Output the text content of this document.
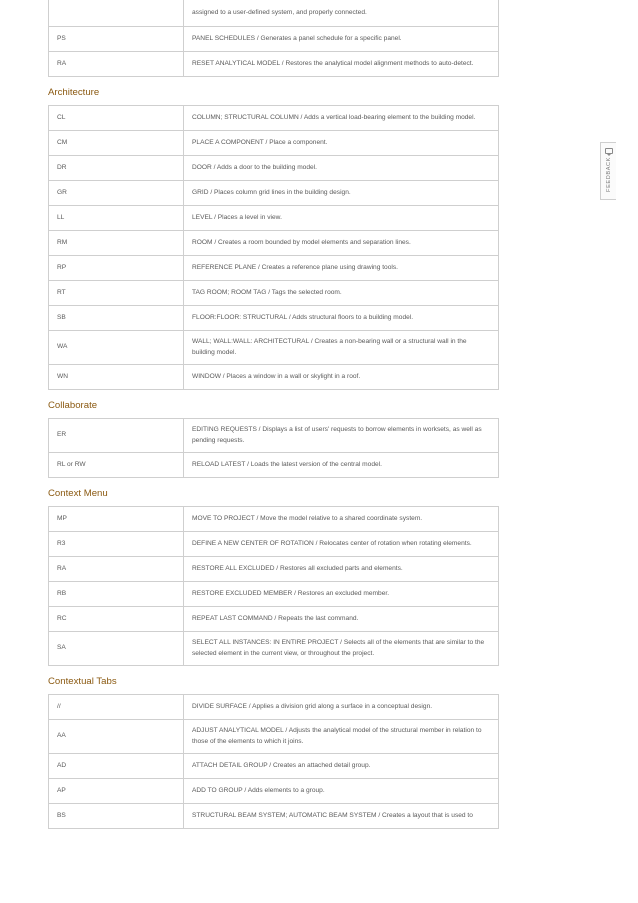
	assigned to a user-defined system, and properly connected.
PS	PANEL SCHEDULES / Generates a panel schedule for a specific panel.
RA	RESET ANALYTICAL MODEL / Restores the analytical model alignment methods to auto-detect.
Architecture
CL	COLUMN; STRUCTURAL COLUMN / Adds a vertical load-bearing element to the building model.
CM	PLACE A COMPONENT / Place a component.
DR	DOOR / Adds a door to the building model.
GR	GRID / Places column grid lines in the building design.
LL	LEVEL / Places a level in view.
RM	ROOM / Creates a room bounded by model elements and separation lines.
RP	REFERENCE PLANE / Creates a reference plane using drawing tools.
RT	TAG ROOM; ROOM TAG / Tags the selected room.
SB	FLOOR:FLOOR: STRUCTURAL / Adds structural floors to a building model.
WA	WALL; WALL:WALL: ARCHITECTURAL / Creates a non-bearing wall or a structural wall in the building model.
WN	WINDOW / Places a window in a wall or skylight in a roof.
Collaborate
ER	EDITING REQUESTS / Displays a list of users' requests to borrow elements in worksets, as well as pending requests.
RL or RW	RELOAD LATEST / Loads the latest version of the central model.
Context Menu
MP	MOVE TO PROJECT / Move the model relative to a shared coordinate system.
R3	DEFINE A NEW CENTER OF ROTATION / Relocates center of rotation when rotating elements.
RA	RESTORE ALL EXCLUDED / Restores all excluded parts and elements.
RB	RESTORE EXCLUDED MEMBER / Restores an excluded member.
RC	REPEAT LAST COMMAND / Repeats the last command.
SA	SELECT ALL INSTANCES: IN ENTIRE PROJECT / Selects all of the elements that are similar to the selected element in the current view, or throughout the project.
Contextual Tabs
//	DIVIDE SURFACE / Applies a division grid along a surface in a conceptual design.
AA	ADJUST ANALYTICAL MODEL / Adjusts the analytical model of the structural member in relation to those of the elements to which it joins.
AD	ATTACH DETAIL GROUP / Creates an attached detail group.
AP	ADD TO GROUP / Adds elements to a group.
BS	STRUCTURAL BEAM SYSTEM; AUTOMATIC BEAM SYSTEM / Creates a layout that is used to
FEEDBACK
